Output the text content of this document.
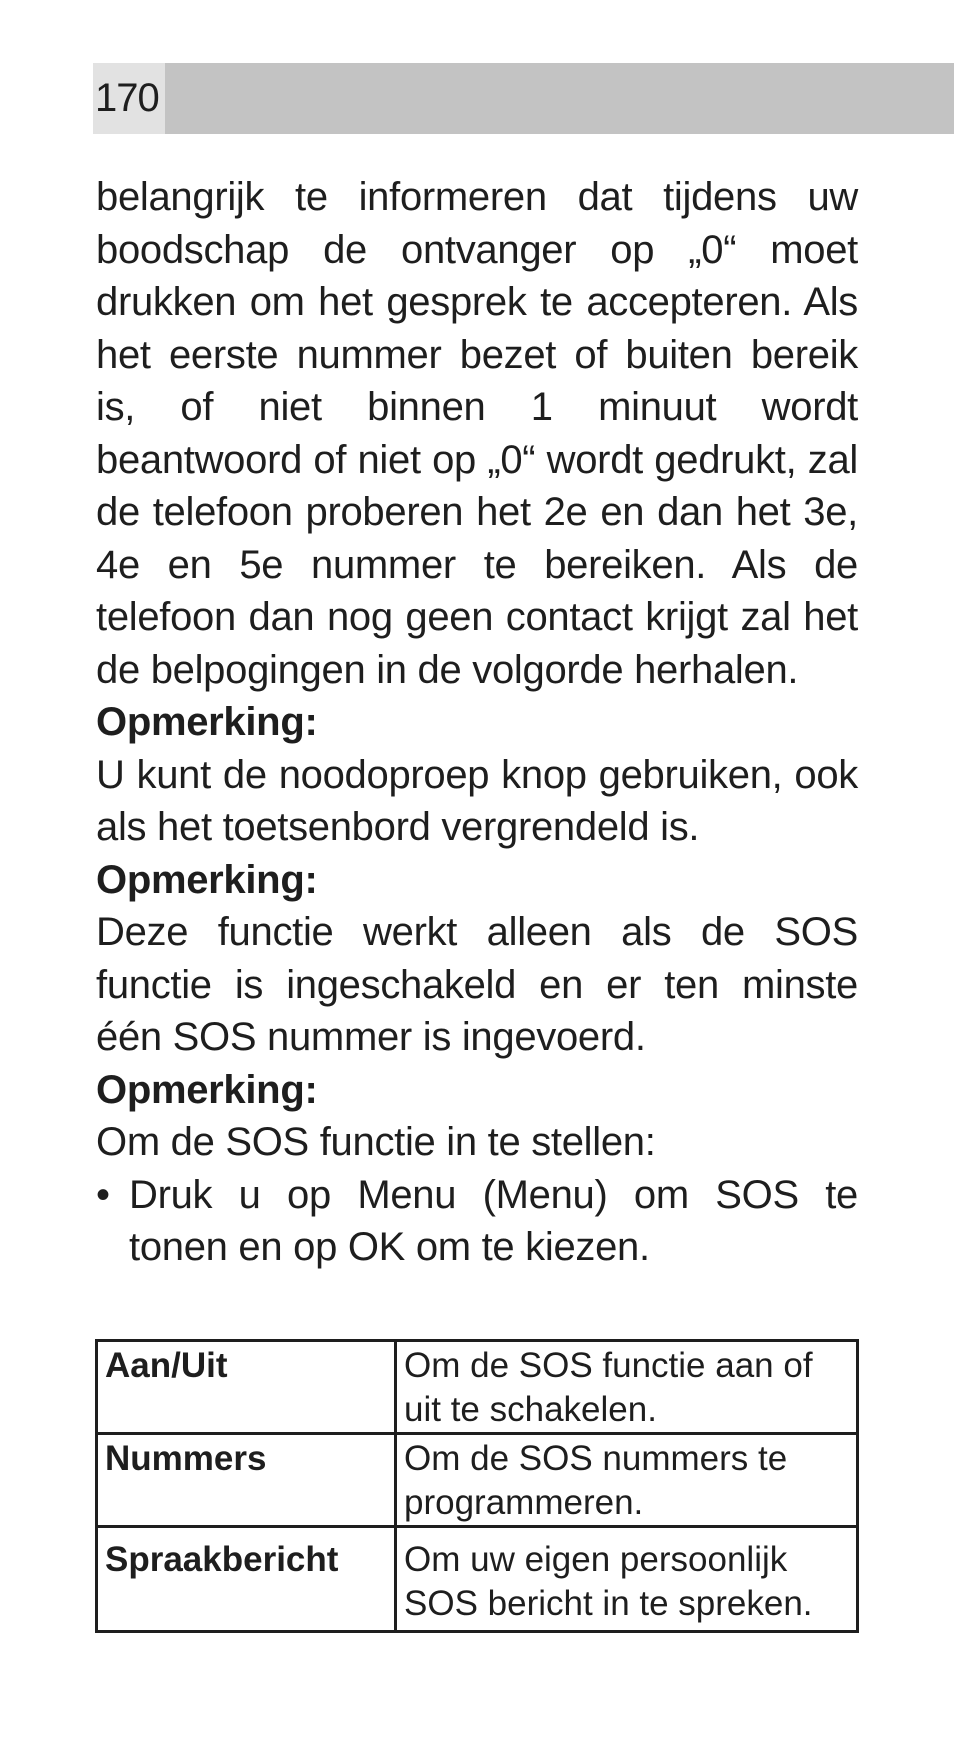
170

belangrijk te informeren dat tijdens uw boodschap de ontvanger op „0“ moet drukken om het gesprek te accepteren. Als het eerste nummer bezet of buiten bereik is, of niet binnen 1 minuut wordt beantwoord of niet op „0“ wordt gedrukt, zal de telefoon proberen het 2e en dan het 3e, 4e en 5e nummer te bereiken. Als de telefoon dan nog geen contact krijgt zal het de belpogingen in de volgorde herhalen.

Opmerking:

U kunt de noodoproep knop gebruiken, ook als het toetsenbord vergrendeld is.

Opmerking:

Deze functie werkt alleen als de SOS functie is ingeschakeld en er ten minste één SOS nummer is ingevoerd.

Opmerking:

Om de SOS functie in te stellen:

• Druk u op Menu (Menu) om SOS te tonen en op OK om te kiezen.
Aan/Uit	Om de SOS functie aan of uit te schakelen.
Nummers	Om de SOS nummers te programmeren.
Spraakbericht	Om uw eigen persoonlijk SOS bericht in te spreken.
